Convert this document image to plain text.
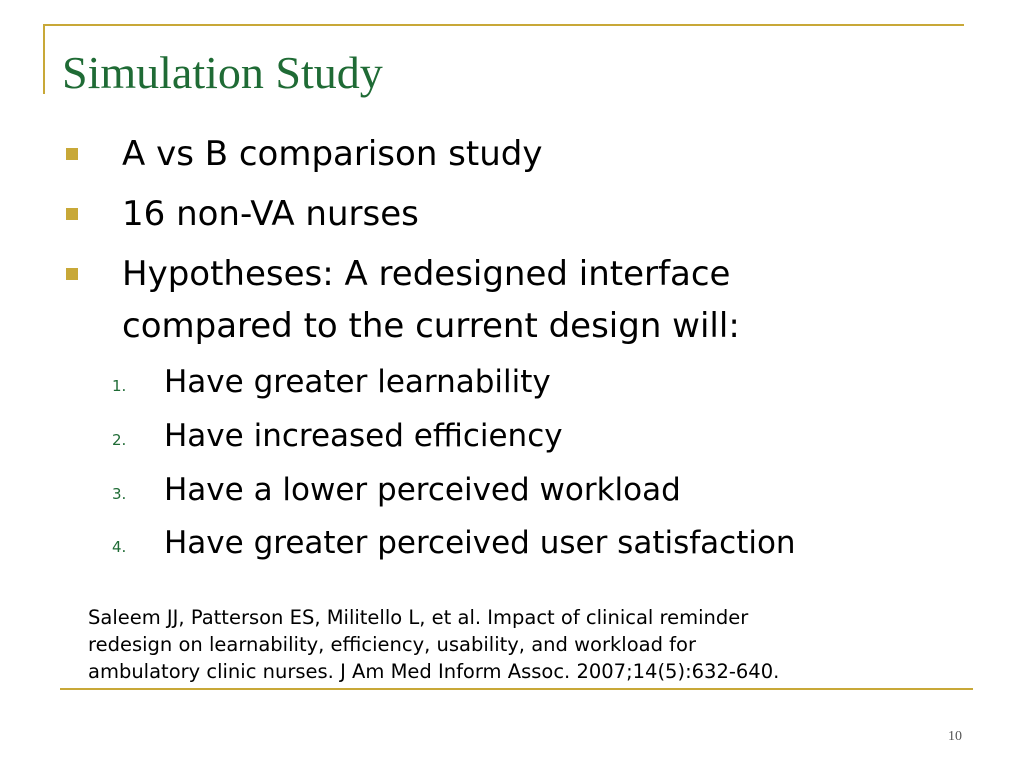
Simulation Study
A vs B comparison study
16 non-VA nurses
Hypotheses: A redesigned interface
compared to the current design will:
1. Have greater learnability
2. Have increased efficiency
3. Have a lower perceived workload
4. Have greater perceived user satisfaction
Saleem JJ, Patterson ES, Militello L, et al. Impact of clinical reminder
redesign on learnability, efficiency, usability, and workload for
ambulatory clinic nurses. J Am Med Inform Assoc. 2007;14(5):632-640.
10
